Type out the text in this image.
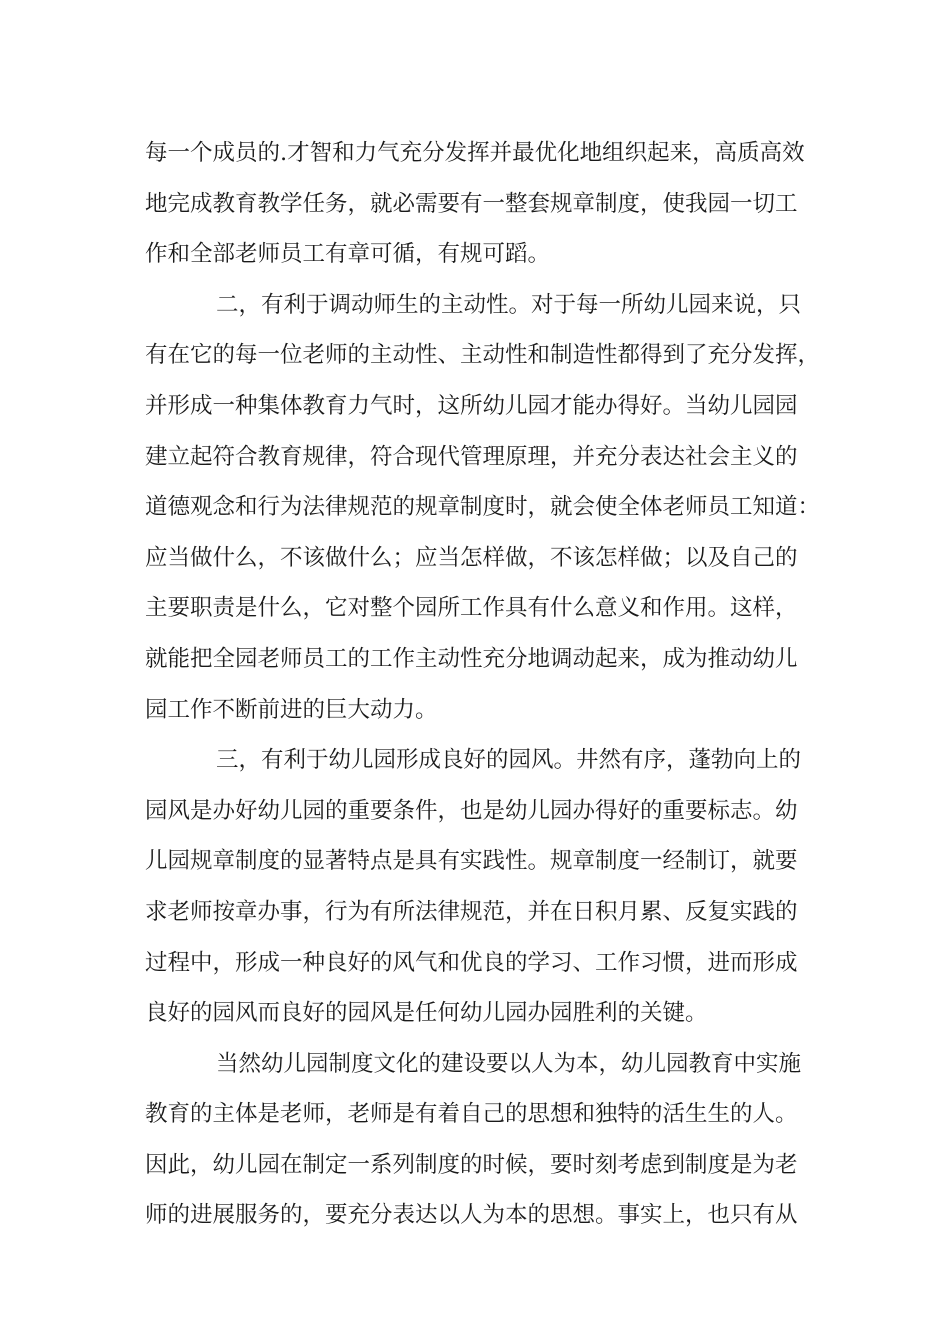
每一个成员的.才智和力气充分发挥并最优化地组织起来，高质高效
地完成教育教学任务，就必需要有一整套规章制度，使我园一切工
作和全部老师员工有章可循，有规可蹈。
二，有利于调动师生的主动性。对于每一所幼儿园来说，只
有在它的每一位老师的主动性、主动性和制造性都得到了充分发挥，
并形成一种集体教育力气时，这所幼儿园才能办得好。当幼儿园园
建立起符合教育规律，符合现代管理原理，并充分表达社会主义的
道德观念和行为法律规范的规章制度时，就会使全体老师员工知道：
应当做什么，不该做什么；应当怎样做，不该怎样做；以及自己的
主要职责是什么，它对整个园所工作具有什么意义和作用。这样，
就能把全园老师员工的工作主动性充分地调动起来，成为推动幼儿
园工作不断前进的巨大动力。
三，有利于幼儿园形成良好的园风。井然有序，蓬勃向上的
园风是办好幼儿园的重要条件，也是幼儿园办得好的重要标志。幼
儿园规章制度的显著特点是具有实践性。规章制度一经制订，就要
求老师按章办事，行为有所法律规范，并在日积月累、反复实践的
过程中，形成一种良好的风气和优良的学习、工作习惯，进而形成
良好的园风而良好的园风是任何幼儿园办园胜利的关键。
当然幼儿园制度文化的建设要以人为本，幼儿园教育中实施
教育的主体是老师，老师是有着自己的思想和独特的活生生的人。
因此，幼儿园在制定一系列制度的时候，要时刻考虑到制度是为老
师的进展服务的，要充分表达以人为本的思想。事实上，也只有从
